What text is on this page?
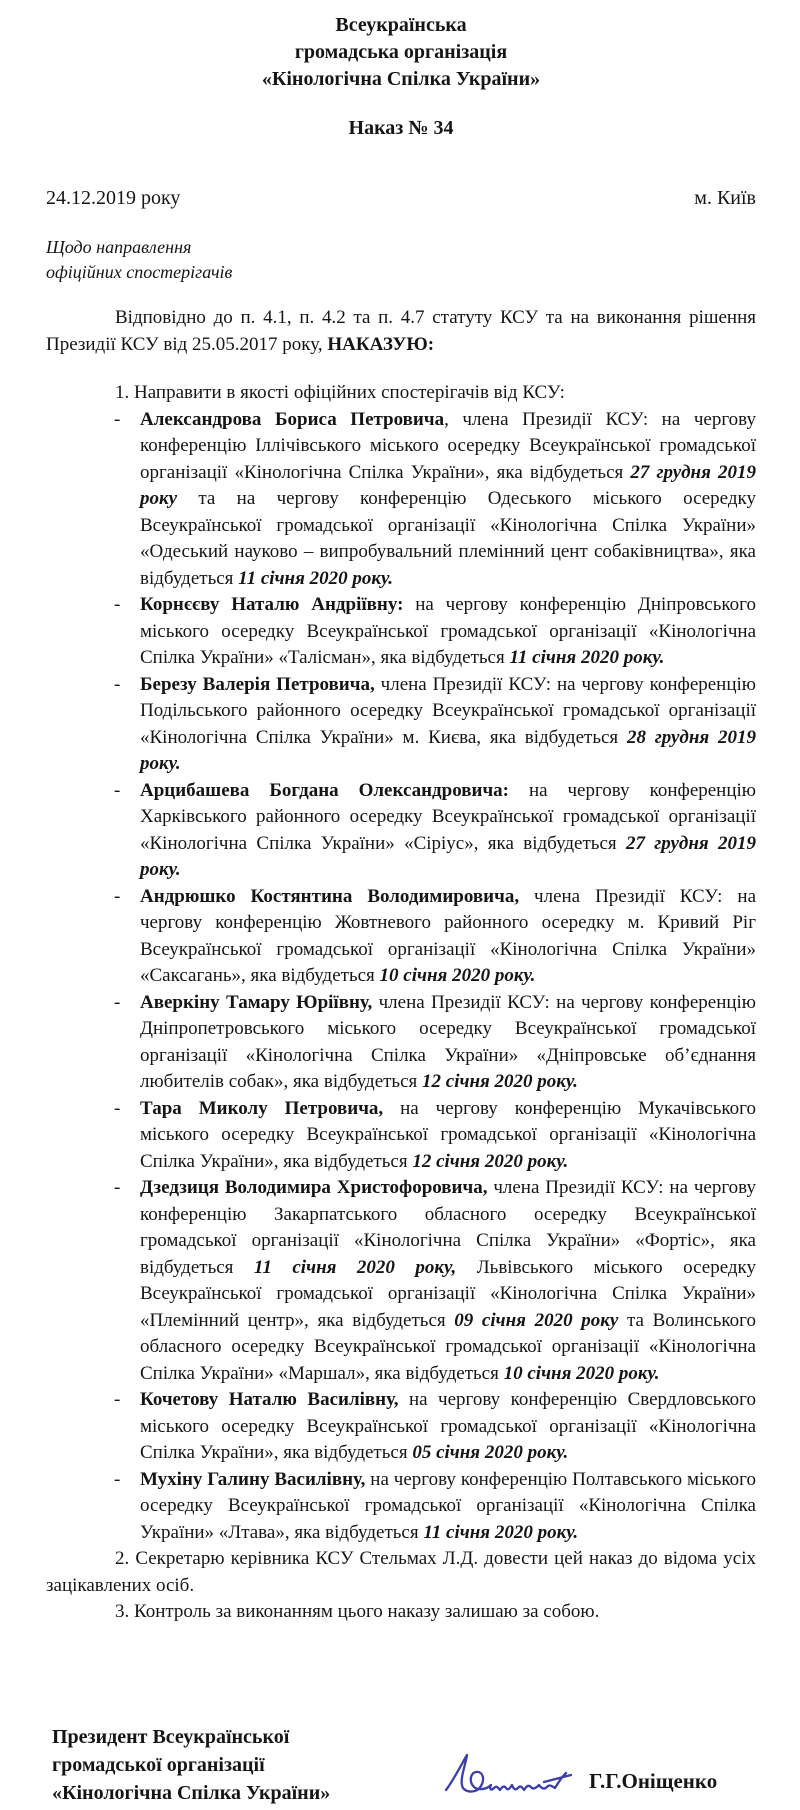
Всеукраїнська
громадська організація
«Кінологічна Спілка України»
Наказ № 34
24.12.2019 року	м. Київ
Щодо направлення
офіційних спостерігачів

Відповідно до п. 4.1, п. 4.2 та п. 4.7 статуту КСУ та на виконання рішення Президії КСУ від 25.05.2017 року, НАКАЗУЮ:

1. Направити в якості офіційних спостерігачів від КСУ:
- Александрова Бориса Петровича, члена Президії КСУ: на чергову конференцію Іллічівського міського осередку Всеукраїнської громадської організації «Кінологічна Спілка України», яка відбудеться 27 грудня 2019 року та на чергову конференцію Одеського міського осередку Всеукраїнської громадської організації «Кінологічна Спілка України» «Одеський науково – випробувальний племінний цент собаківництва», яка відбудеться 11 січня 2020 року.
- Корнєєву Наталю Андріївну: на чергову конференцію Дніпровського міського осередку Всеукраїнської громадської організації «Кінологічна Спілка України» «Талісман», яка відбудеться 11 січня 2020 року.
- Березу Валерія Петровича, члена Президії КСУ: на чергову конференцію Подільського районного осередку Всеукраїнської громадської організації «Кінологічна Спілка України» м. Києва, яка відбудеться 28 грудня 2019 року.
- Арцибашева Богдана Олександровича: на чергову конференцію Харківського районного осередку Всеукраїнської громадської організації «Кінологічна Спілка України» «Сіріус», яка відбудеться 27 грудня 2019 року.
- Андрюшко Костянтина Володимировича, члена Президії КСУ: на чергову конференцію Жовтневого районного осередку м. Кривий Ріг Всеукраїнської громадської організації «Кінологічна Спілка України» «Саксагань», яка відбудеться 10 січня 2020 року.
- Аверкіну Тамару Юріївну, члена Президії КСУ: на чергову конференцію Дніпропетровського міського осередку Всеукраїнської громадської організації «Кінологічна Спілка України» «Дніпровське об’єднання любителів собак», яка відбудеться 12 січня 2020 року.
- Тара Миколу Петровича, на чергову конференцію Мукачівського міського осередку Всеукраїнської громадської організації «Кінологічна Спілка України», яка відбудеться 12 січня 2020 року.
- Дзедзиця Володимира Христофоровича, члена Президії КСУ: на чергову конференцію Закарпатського обласного осередку Всеукраїнської громадської організації «Кінологічна Спілка України» «Фортіс», яка відбудеться 11 січня 2020 року, Львівського міського осередку Всеукраїнської громадської організації «Кінологічна Спілка України» «Племінний центр», яка відбудеться 09 січня 2020 року та Волинського обласного осередку Всеукраїнської громадської організації «Кінологічна Спілка України» «Маршал», яка відбудеться 10 січня 2020 року.
- Кочетову Наталю Василівну, на чергову конференцію Свердловського міського осередку Всеукраїнської громадської організації «Кінологічна Спілка України», яка відбудеться 05 січня 2020 року.
- Мухіну Галину Василівну, на чергову конференцію Полтавського міського осередку Всеукраїнської громадської організації «Кінологічна Спілка України» «Лтава», яка відбудеться 11 січня 2020 року.
2. Секретарю керівника КСУ Стельмах Л.Д. довести цей наказ до відома усіх зацікавлених осіб.
3. Контроль за виконанням цього наказу залишаю за собою.
Президент Всеукраїнської
громадської організації
«Кінологічна Спілка України»	Г.Г.Оніщенко
